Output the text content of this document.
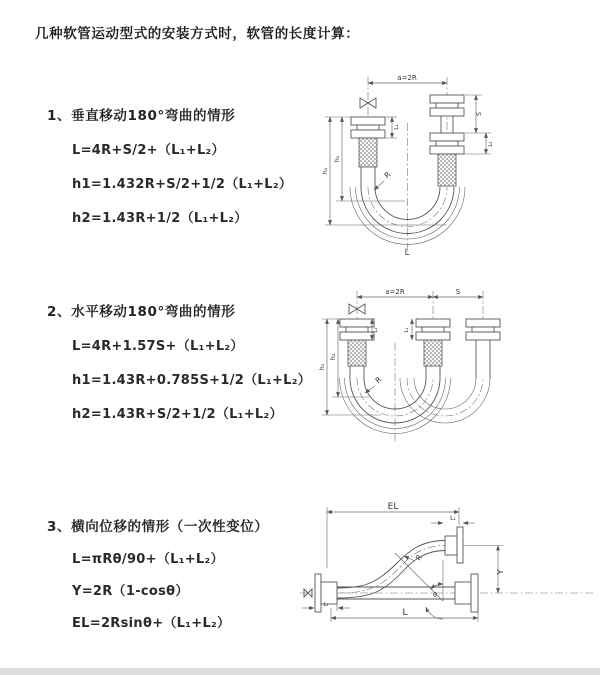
几种软管运动型式的安装方式时，软管的长度计算：
1、垂直移动180°弯曲的情形
L=4R+S/2+（L₁+L₂）
h1=1.432R+S/2+1/2（L₁+L₂）
h2=1.43R+1/2（L₁+L₂）
2、水平移动180°弯曲的情形
L=4R+1.57S+（L₁+L₂）
h1=1.43R+0.785S+1/2（L₁+L₂）
h2=1.43R+S/2+1/2（L₁+L₂）
3、横向位移的情形（一次性变位）
L=πRθ/90+（L₁+L₂）
Y=2R（1-cosθ）
EL=2Rsinθ+（L₁+L₂）
a=2R
h₁
h₂
L₁
S
L₂
R
L
a=2R	S
h₁
h₂
L₁	L₁
R
EL
L₁
Y
θ
R
L
L₁
